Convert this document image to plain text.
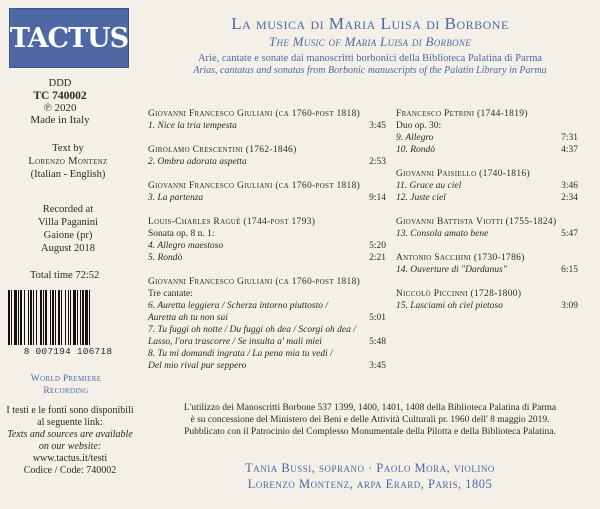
TACTUS
DDD
TC 740002
℗ 2020
Made in Italy
Text by
Lorenzo Montenz
(Italian - English)
Recorded at
Villa Paganini
Gaione (pr)
August 2018
Total time 72:52
8 007194 106718
World Premiere
Recording
I testi e le fonti sono disponibili al seguente link:
Texts and sources are available on our website:
www.tactus.it/testi
Codice / Code: 740002
La musica di Maria Luisa di Borbone
The Music of Maria Luisa di Borbone
Arie, cantate e sonate dai manoscritti borbonici della Biblioteca Palatina di Parma
Arias, cantatas and sonatas from Borbonic manuscripts of the Palatin Library in Parma
Giovanni Francesco Giuliani (ca 1760-post 1818)
1. Nice la tria tempesta	3:45
Girolamo Crescentini (1762-1846)
2. Ombra adorata aspetta	2:53
Giovanni Francesco Giuliani (ca 1760-post 1818)
3. La partenza	9:14
Louis-Charles Ragué (1744-post 1793)
Sonata op. 8 n. 1:
4. Allegro maestoso	5:20
5. Rondò	2:21
Giovanni Francesco Giuliani (ca 1760-post 1818)
Tre cantate:
6. Auretta leggiera / Scherza intorno piuttosto /
Auretta ah tu non sai	5:01
7. Tu fuggi oh notte / Du fuggi oh dea / Scorgi oh dea /
Lasso, l'ora trascorre / Se insulta a' mali miei	5:48
8. Tu mi domandi ingrata / La pena mia tu vedi /
Del mio rival pur seppero	3:45
Francesco Petrini (1744-1819)
Duo op. 30:
9. Allegro	7:31
10. Rondò	4:37
Giovanni Paisiello (1740-1816)
11. Grace au ciel	3:46
12. Juste ciel	2:34
Giovanni Battista Viotti (1755-1824)
13. Consola amato bene	5:47
Antonio Sacchini (1730-1786)
14. Ouverture di "Dardanus"	6:15
Niccolò Piccinni (1728-1800)
15. Lasciami oh ciel pietoso	3:09
L'utilizzo dei Manoscritti Borbone 537 1399, 1400, 1401, 1408 della Biblioteca Palatina di Parma
è su concessione del Ministero dei Beni e delle Attività Culturali pr. 1960 dell' 8 maggio 2019.
Pubblicato con il Patrocinio del Complesso Monumentale della Pilotta e della Biblioteca Palatina.
Tania Bussi, soprano · Paolo Mora, violino
Lorenzo Montenz, arpa Erard, Paris, 1805
